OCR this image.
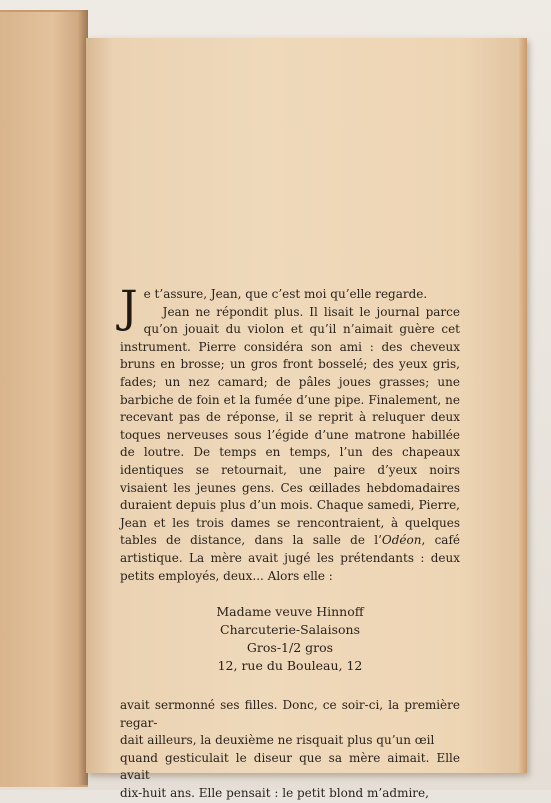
Je t’assure, Jean, que c’est moi qu’elle regarde.

Jean ne répondit plus. Il lisait le journal parce qu’on jouait du violon et qu’il n’aimait guère cet instrument. Pierre considéra son ami : des cheveux bruns en brosse; un gros front bosselé; des yeux gris, fades; un nez camard; de pâles joues grasses; une barbiche de foin et la fumée d’une pipe. Finalement, ne recevant pas de réponse, il se reprit à reluquer deux toques nerveuses sous l’égide d’une matrone habillée de loutre. De temps en temps, l’un des chapeaux identiques se retournait, une paire d’yeux noirs visaient les jeunes gens. Ces œillades hebdomadaires duraient depuis plus d’un mois. Chaque samedi, Pierre, Jean et les trois dames se rencontraient, à quelques tables de distance, dans la salle de l’Odéon, café artistique. La mère avait jugé les prétendants : deux petits employés, deux... Alors elle :

Madame veuve Hinnoff
Charcuterie-Salaisons
Gros-1/2 gros
12, rue du Bouleau, 12

avait sermonné ses filles. Donc, ce soir-ci, la première regar-
dait ailleurs, la deuxième ne risquait plus qu’un œil
quand gesticulait le diseur que sa mère aimait. Elle avait
dix-huit ans. Elle pensait : le petit blond m’admire,
